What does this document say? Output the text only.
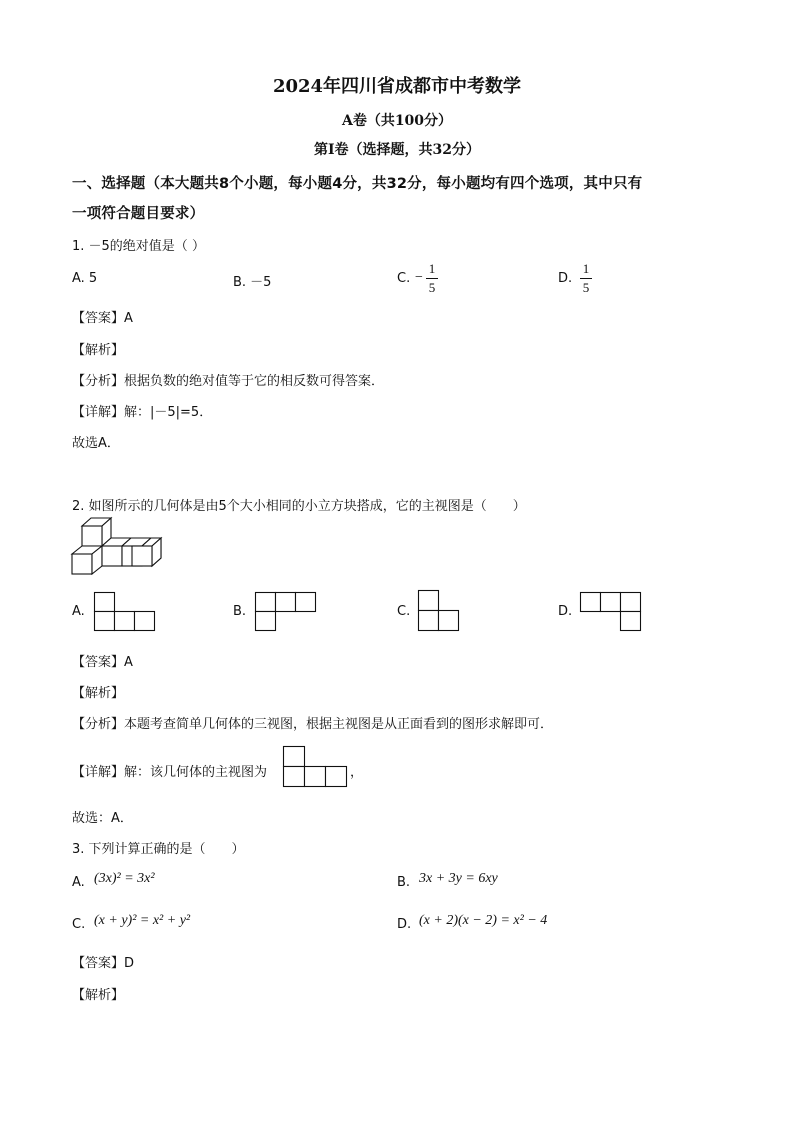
2024年四川省成都市中考数学
A卷（共100分）
第I卷（选择题，共32分）
一、选择题（本大题共8个小题，每小题4分，共32分，每小题均有四个选项，其中只有
一项符合题目要求）
1. －5的绝对值是（ ）
A. 5	B. －5	C. −
1
5
D.
1
5
【答案】A
【解析】
【分析】根据负数的绝对值等于它的相反数可得答案．
【详解】解：|－5|=5．
故选A．
2. 如图所示的几何体是由5个大小相同的小立方块搭成，它的主视图是（　　）
A.	B.	C.	D.
【答案】A
【解析】
【分析】本题考查简单几何体的三视图，根据主视图是从正面看到的图形求解即可．
【详解】解：该几何体的主视图为	，
故选：A．
3. 下列计算正确的是（　　）
A. (3x)² = 3x²	B. 3x + 3y = 6xy
C. (x + y)² = x² + y²	D. (x + 2)(x − 2) = x² − 4
【答案】D
【解析】
